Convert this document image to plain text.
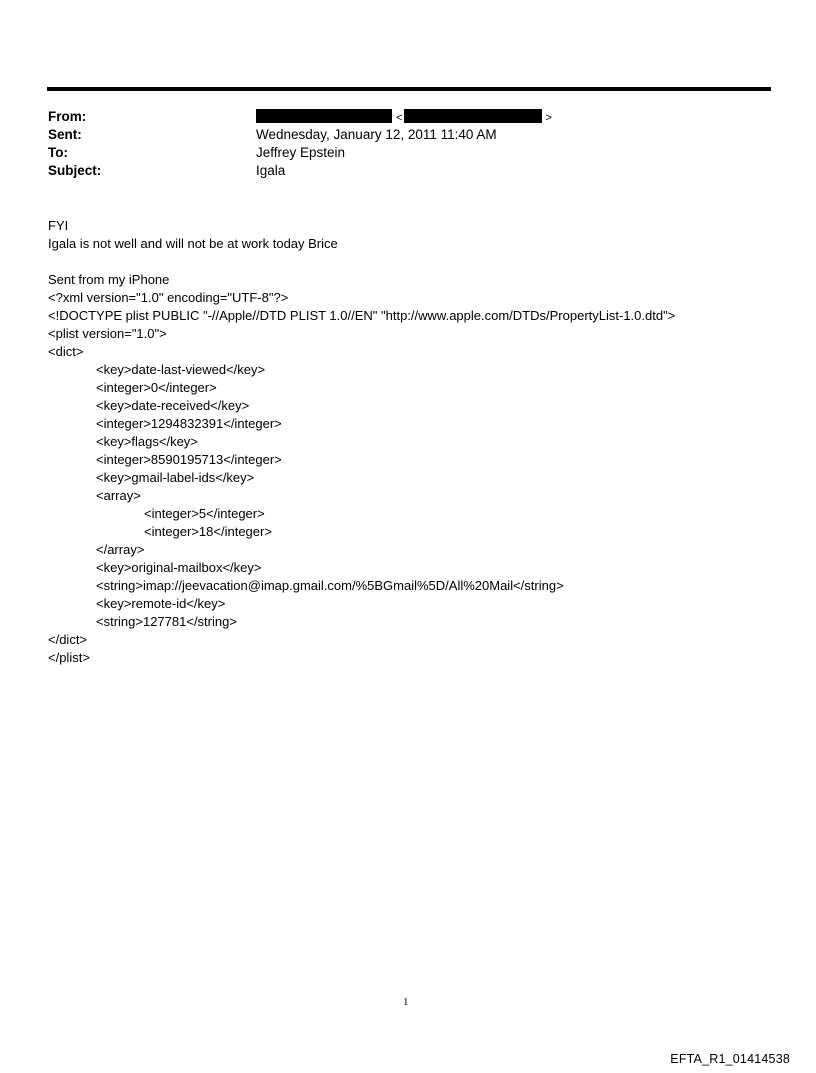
From:	<	>
Sent:	Wednesday, January 12, 2011 11:40 AM
To:	Jeffrey Epstein
Subject:	Igala
FYI
Igala is not well and will not be at work today Brice
Sent from my iPhone
<?xml version="1.0" encoding="UTF-8"?>
<!DOCTYPE plist PUBLIC "-//Apple//DTD PLIST 1.0//EN" "http://www.apple.com/DTDs/PropertyList-1.0.dtd">
<plist version="1.0">
<dict>
<key>date-last-viewed</key>
<integer>0</integer>
<key>date-received</key>
<integer>1294832391</integer>
<key>flags</key>
<integer>8590195713</integer>
<key>gmail-label-ids</key>
<array>
<integer>5</integer>
<integer>18</integer>
</array>
<key>original-mailbox</key>
<string>imap://jeevacation@imap.gmail.com/%5BGmail%5D/All%20Mail</string>
<key>remote-id</key>
<string>127781</string>
</dict>
</plist>
1
EFTA_R1_01414538
